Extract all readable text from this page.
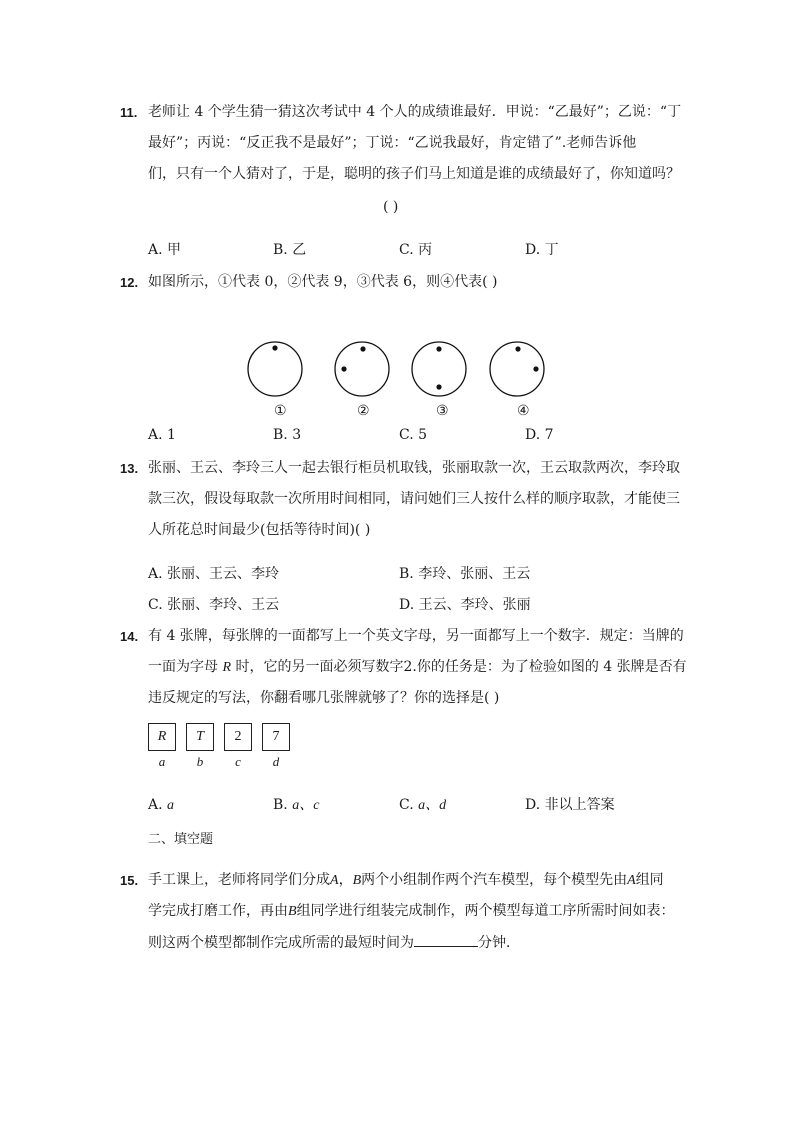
11. 老师让 4 个学生猜一猜这次考试中 4 个人的成绩谁最好．甲说：“乙最好”；乙说：“丁
最好”；丙说：“反正我不是最好”；丁说：“乙说我最好，肯定错了”.老师告诉他
们，只有一个人猜对了，于是，聪明的孩子们马上知道是谁的成绩最好了，你知道吗？
( )
A. 甲	B. 乙	C. 丙	D. 丁
12. 如图所示，①代表 0，②代表 9，③代表 6，则④代表( )
①	②	③	④
A. 1	B. 3	C. 5	D. 7
13. 张丽、王云、李玲三人一起去银行柜员机取钱，张丽取款一次，王云取款两次，李玲取
款三次，假设每取款一次所用时间相同，请问她们三人按什么样的顺序取款，才能使三
人所花总时间最少(包括等待时间)( )
A. 张丽、王云、李玲	B. 李玲、张丽、王云
C. 张丽、李玲、王云	D. 王云、李玲、张丽
14. 有 4 张牌，每张牌的一面都写上一个英文字母，另一面都写上一个数字．规定：当牌的
一面为字母 R 时，它的另一面必须写数字2.你的任务是：为了检验如图的 4 张牌是否有
违反规定的写法，你翻看哪几张牌就够了？你的选择是( )
R	T	2	7
a	b	c	d
A. a	B. a、c	C. a、d	D. 非以上答案
二、填空题
15. 手工课上，老师将同学们分成A，B两个小组制作两个汽车模型，每个模型先由A组同
学完成打磨工作，再由B组同学进行组装完成制作，两个模型每道工序所需时间如表：
则这两个模型都制作完成所需的最短时间为	分钟．
